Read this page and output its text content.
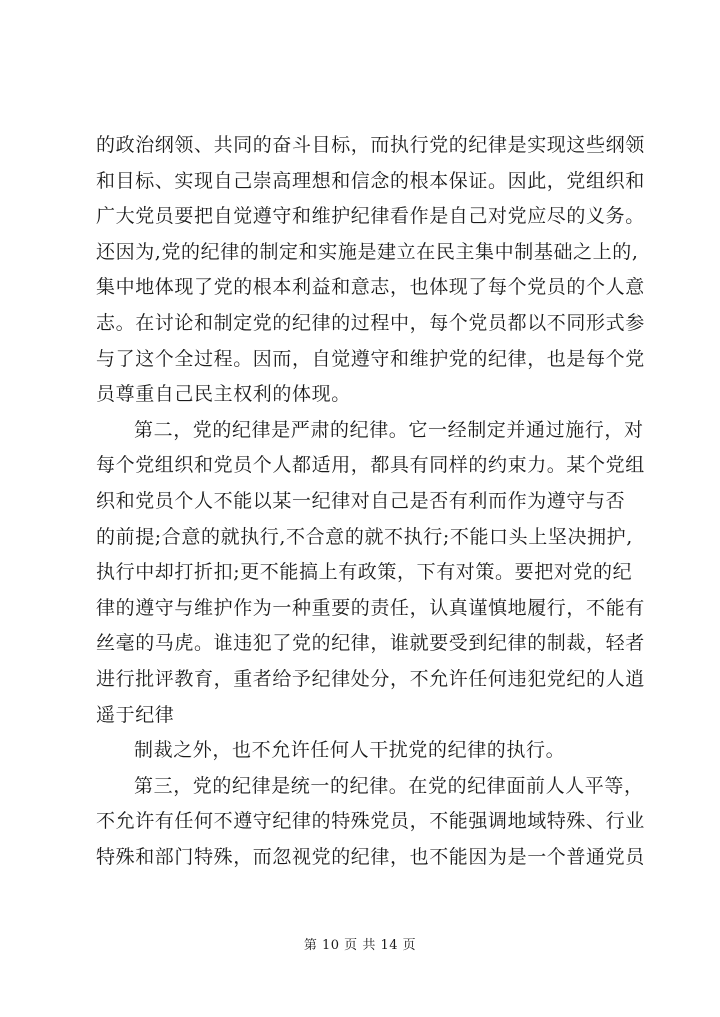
的政治纲领、共同的奋斗目标，而执行党的纪律是实现这些纲领
和目标、实现自己崇高理想和信念的根本保证。因此，党组织和
广大党员要把自觉遵守和维护纪律看作是自己对党应尽的义务。
还因为,党的纪律的制定和实施是建立在民主集中制基础之上的,
集中地体现了党的根本利益和意志，也体现了每个党员的个人意
志。在讨论和制定党的纪律的过程中，每个党员都以不同形式参
与了这个全过程。因而，自觉遵守和维护党的纪律，也是每个党
员尊重自己民主权利的体现。
第二，党的纪律是严肃的纪律。它一经制定并通过施行，对
每个党组织和党员个人都适用，都具有同样的约束力。某个党组
织和党员个人不能以某一纪律对自己是否有利而作为遵守与否
的前提;合意的就执行,不合意的就不执行;不能口头上坚决拥护,
执行中却打折扣;更不能搞上有政策，下有对策。要把对党的纪
律的遵守与维护作为一种重要的责任，认真谨慎地履行，不能有
丝毫的马虎。谁违犯了党的纪律，谁就要受到纪律的制裁，轻者
进行批评教育，重者给予纪律处分，不允许任何违犯党纪的人逍
遥于纪律
制裁之外，也不允许任何人干扰党的纪律的执行。
第三，党的纪律是统一的纪律。在党的纪律面前人人平等，
不允许有任何不遵守纪律的特殊党员，不能强调地域特殊、行业
特殊和部门特殊，而忽视党的纪律，也不能因为是一个普通党员
第 10 页 共 14 页
